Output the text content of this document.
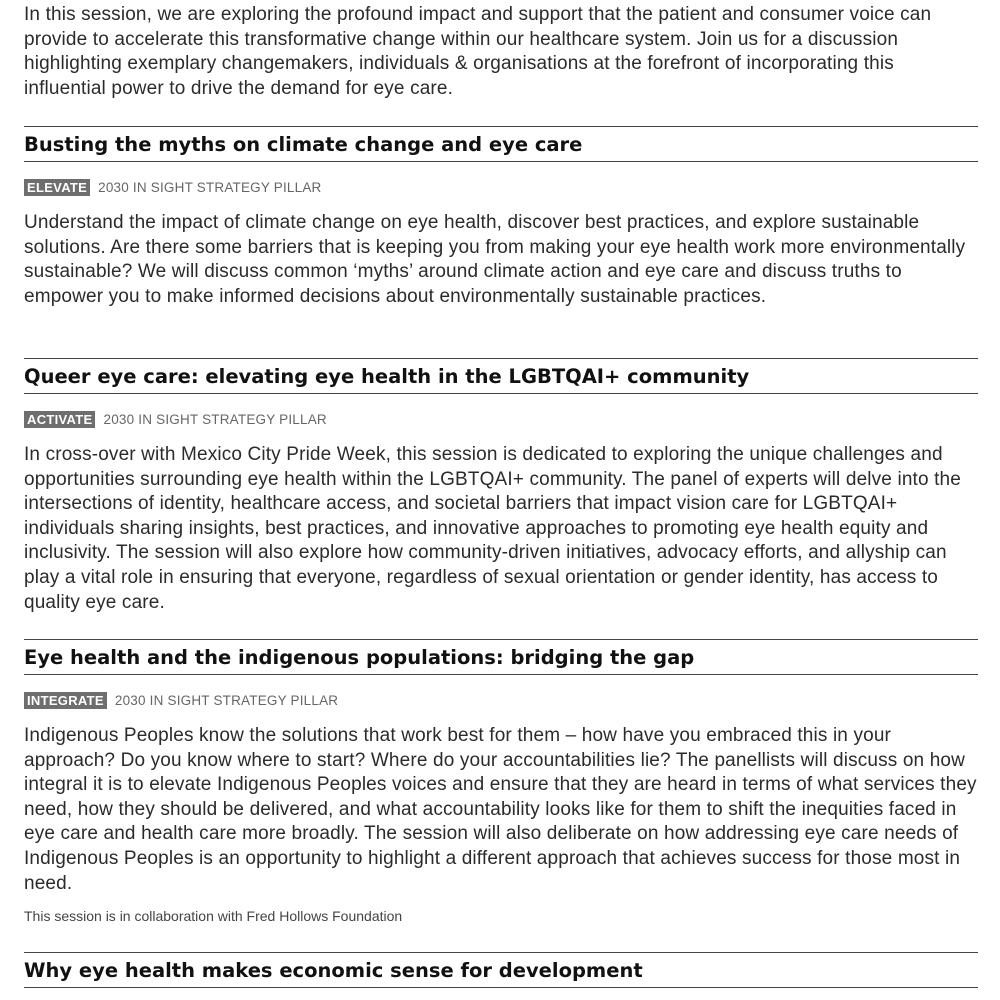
In this session, we are exploring the profound impact and support that the patient and consumer voice can provide to accelerate this transformative change within our healthcare system. Join us for a discussion highlighting exemplary changemakers, individuals & organisations at the forefront of incorporating this influential power to drive the demand for eye care.
Busting the myths on climate change and eye care
ELEVATE 2030 IN SIGHT STRATEGY PILLAR
Understand the impact of climate change on eye health, discover best practices, and explore sustainable solutions. Are there some barriers that is keeping you from making your eye health work more environmentally sustainable? We will discuss common ‘myths’ around climate action and eye care and discuss truths to empower you to make informed decisions about environmentally sustainable practices.
Queer eye care: elevating eye health in the LGBTQAI+ community
ACTIVATE 2030 IN SIGHT STRATEGY PILLAR
In cross-over with Mexico City Pride Week, this session is dedicated to exploring the unique challenges and opportunities surrounding eye health within the LGBTQAI+ community. The panel of experts will delve into the intersections of identity, healthcare access, and societal barriers that impact vision care for LGBTQAI+ individuals sharing insights, best practices, and innovative approaches to promoting eye health equity and inclusivity. The session will also explore how community-driven initiatives, advocacy efforts, and allyship can play a vital role in ensuring that everyone, regardless of sexual orientation or gender identity, has access to quality eye care.
Eye health and the indigenous populations: bridging the gap
INTEGRATE 2030 IN SIGHT STRATEGY PILLAR
Indigenous Peoples know the solutions that work best for them – how have you embraced this in your approach? Do you know where to start? Where do your accountabilities lie? The panellists will discuss on how integral it is to elevate Indigenous Peoples voices and ensure that they are heard in terms of what services they need, how they should be delivered, and what accountability looks like for them to shift the inequities faced in eye care and health care more broadly. The session will also deliberate on how addressing eye care needs of Indigenous Peoples is an opportunity to highlight a different approach that achieves success for those most in need.
This session is in collaboration with Fred Hollows Foundation
Why eye health makes economic sense for development
